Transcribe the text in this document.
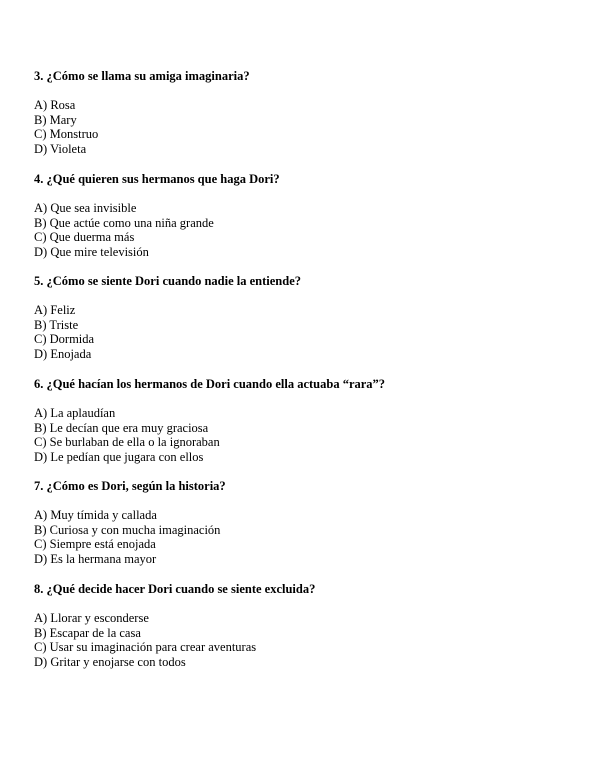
3. ¿Cómo se llama su amiga imaginaria?
A) Rosa
B) Mary
C) Monstruo
D) Violeta
4. ¿Qué quieren sus hermanos que haga Dori?
A) Que sea invisible
B) Que actúe como una niña grande
C) Que duerma más
D) Que mire televisión
5. ¿Cómo se siente Dori cuando nadie la entiende?
A) Feliz
B) Triste
C) Dormida
D) Enojada
6. ¿Qué hacían los hermanos de Dori cuando ella actuaba “rara”?
A) La aplaudían
B) Le decían que era muy graciosa
C) Se burlaban de ella o la ignoraban
D) Le pedían que jugara con ellos
7. ¿Cómo es Dori, según la historia?
A) Muy tímida y callada
B) Curiosa y con mucha imaginación
C) Siempre está enojada
D) Es la hermana mayor
8. ¿Qué decide hacer Dori cuando se siente excluida?
A) Llorar y esconderse
B) Escapar de la casa
C) Usar su imaginación para crear aventuras
D) Gritar y enojarse con todos
